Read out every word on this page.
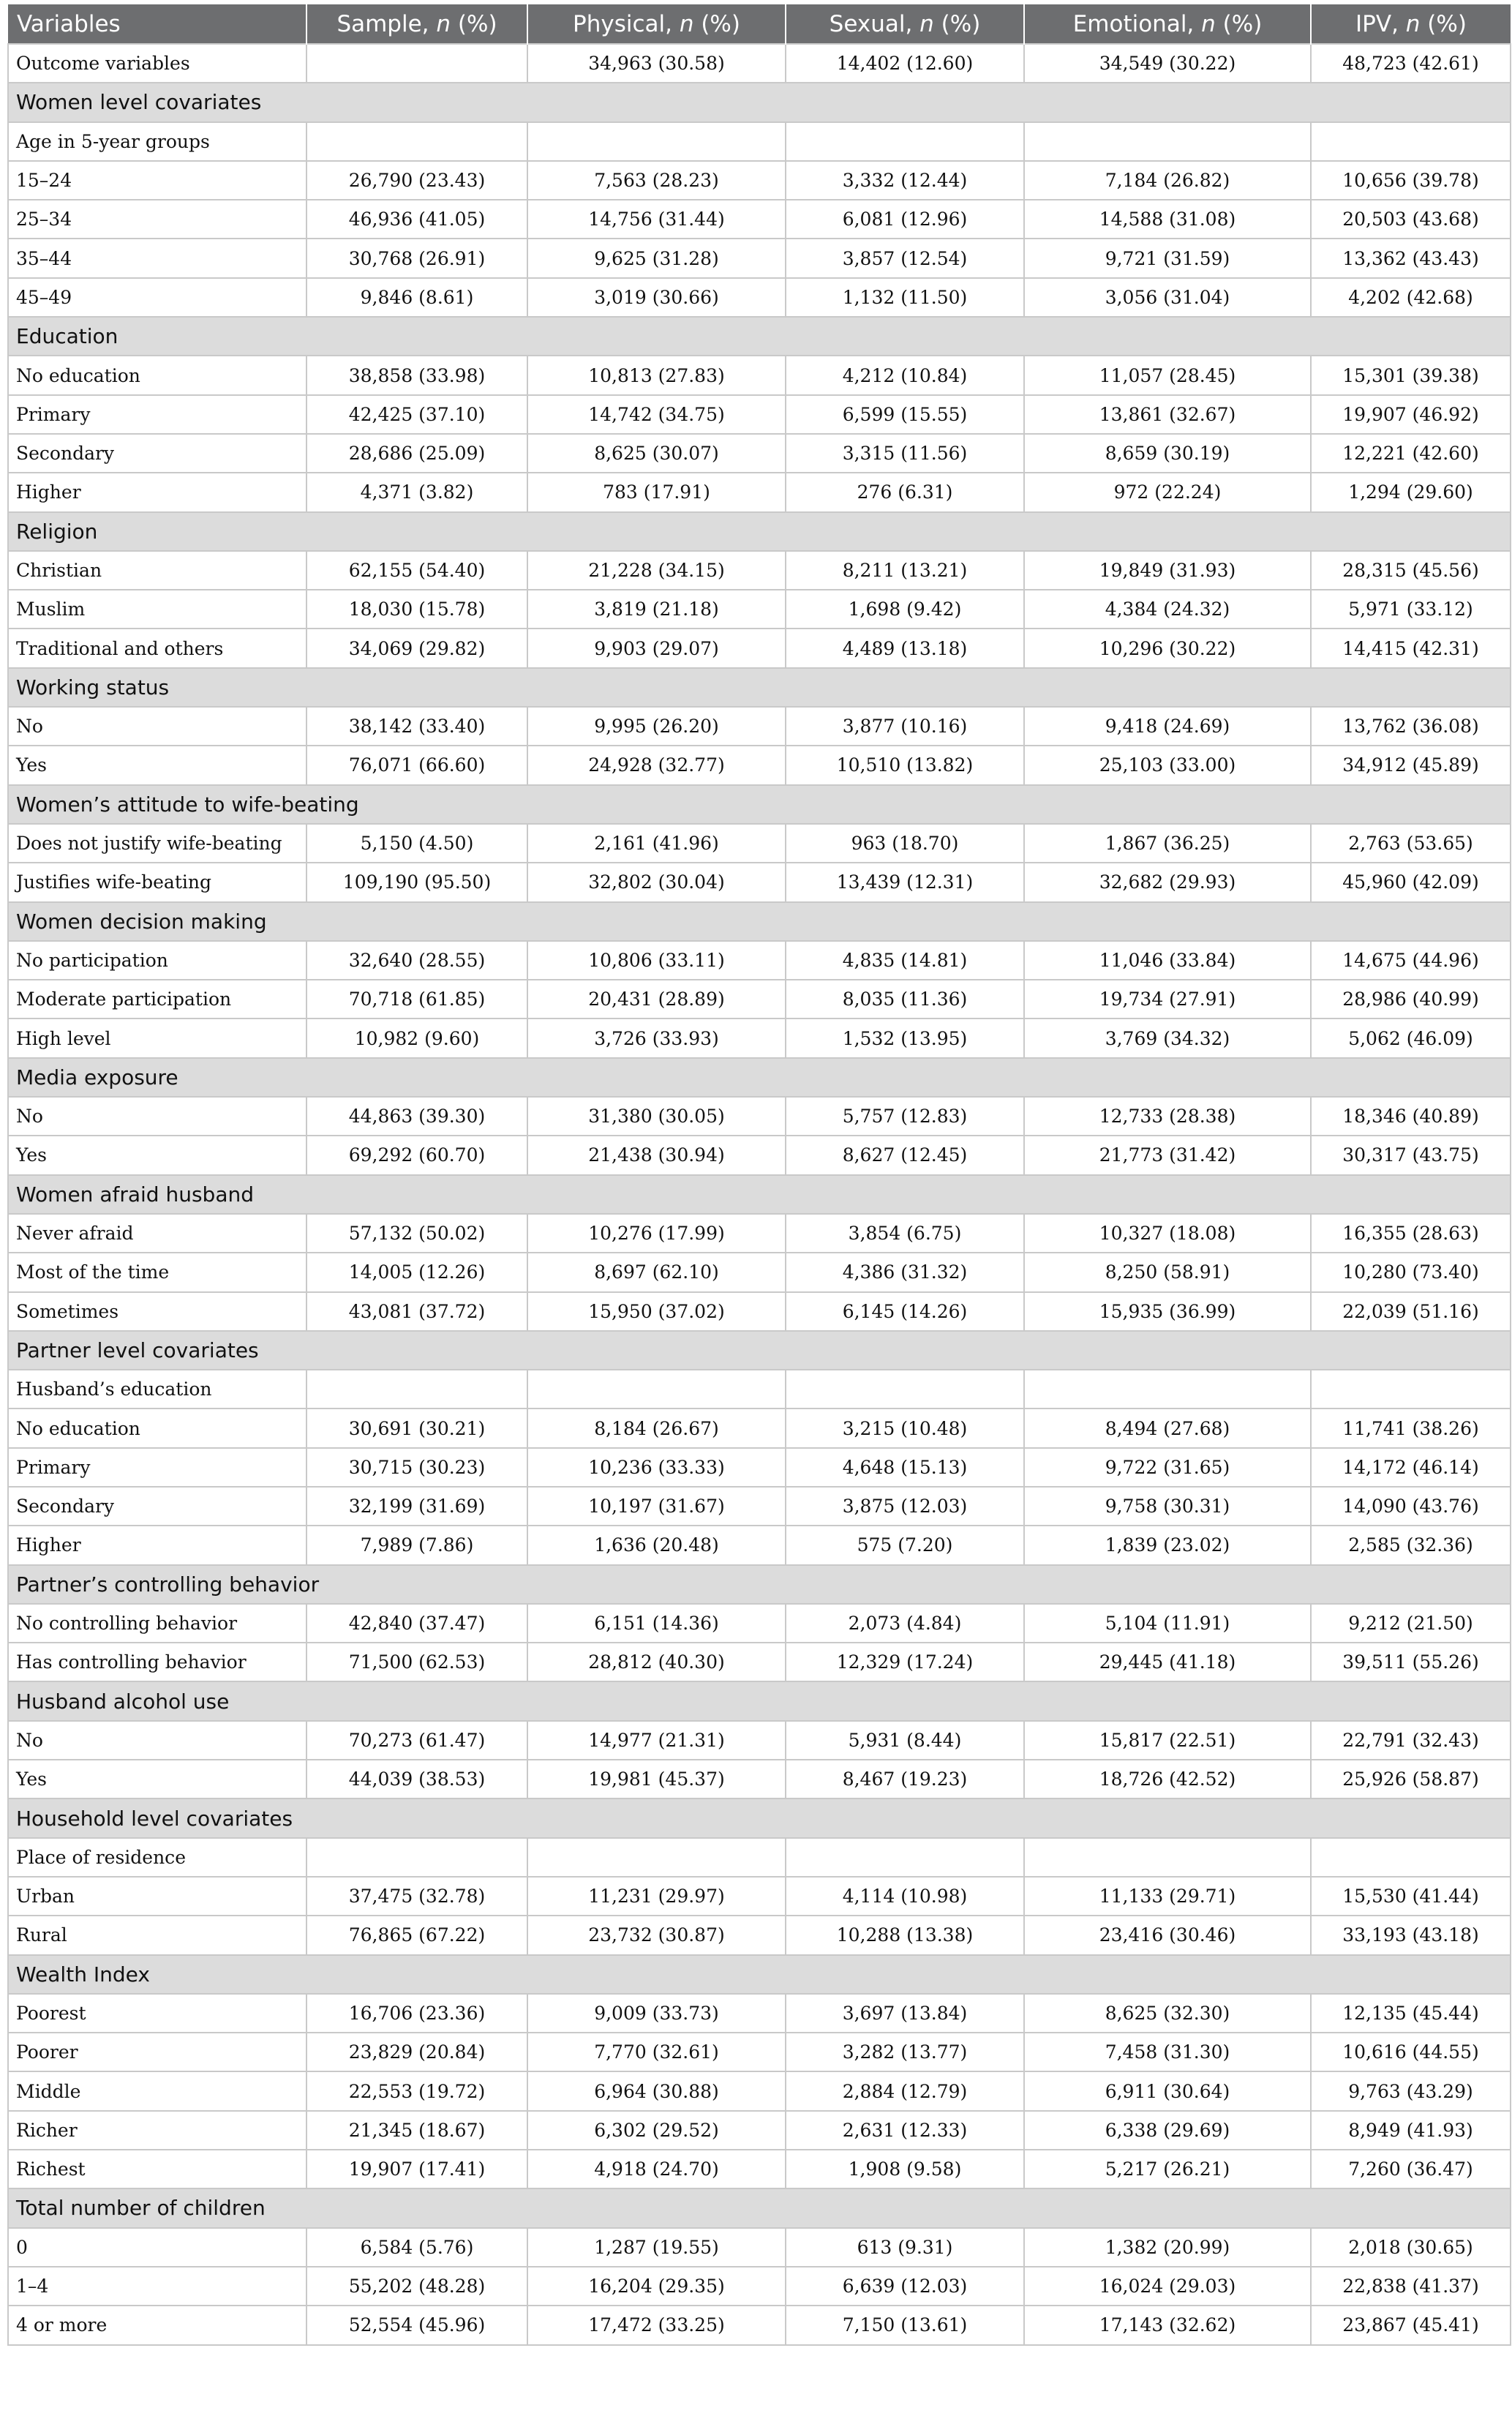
Variables	Sample, n (%)	Physical, n (%)	Sexual, n (%)	Emotional, n (%)	IPV, n (%)
Outcome variables		34,963 (30.58)	14,402 (12.60)	34,549 (30.22)	48,723 (42.61)
Women level covariates					
Age in 5-year groups					
15–24	26,790 (23.43)	7,563 (28.23)	3,332 (12.44)	7,184 (26.82)	10,656 (39.78)
25–34	46,936 (41.05)	14,756 (31.44)	6,081 (12.96)	14,588 (31.08)	20,503 (43.68)
35–44	30,768 (26.91)	9,625 (31.28)	3,857 (12.54)	9,721 (31.59)	13,362 (43.43)
45–49	9,846 (8.61)	3,019 (30.66)	1,132 (11.50)	3,056 (31.04)	4,202 (42.68)
Education					
No education	38,858 (33.98)	10,813 (27.83)	4,212 (10.84)	11,057 (28.45)	15,301 (39.38)
Primary	42,425 (37.10)	14,742 (34.75)	6,599 (15.55)	13,861 (32.67)	19,907 (46.92)
Secondary	28,686 (25.09)	8,625 (30.07)	3,315 (11.56)	8,659 (30.19)	12,221 (42.60)
Higher	4,371 (3.82)	783 (17.91)	276 (6.31)	972 (22.24)	1,294 (29.60)
Religion					
Christian	62,155 (54.40)	21,228 (34.15)	8,211 (13.21)	19,849 (31.93)	28,315 (45.56)
Muslim	18,030 (15.78)	3,819 (21.18)	1,698 (9.42)	4,384 (24.32)	5,971 (33.12)
Traditional and others	34,069 (29.82)	9,903 (29.07)	4,489 (13.18)	10,296 (30.22)	14,415 (42.31)
Working status					
No	38,142 (33.40)	9,995 (26.20)	3,877 (10.16)	9,418 (24.69)	13,762 (36.08)
Yes	76,071 (66.60)	24,928 (32.77)	10,510 (13.82)	25,103 (33.00)	34,912 (45.89)
Women’s attitude to wife-beating					
Does not justify wife-beating	5,150 (4.50)	2,161 (41.96)	963 (18.70)	1,867 (36.25)	2,763 (53.65)
Justifies wife-beating	109,190 (95.50)	32,802 (30.04)	13,439 (12.31)	32,682 (29.93)	45,960 (42.09)
Women decision making					
No participation	32,640 (28.55)	10,806 (33.11)	4,835 (14.81)	11,046 (33.84)	14,675 (44.96)
Moderate participation	70,718 (61.85)	20,431 (28.89)	8,035 (11.36)	19,734 (27.91)	28,986 (40.99)
High level	10,982 (9.60)	3,726 (33.93)	1,532 (13.95)	3,769 (34.32)	5,062 (46.09)
Media exposure					
No	44,863 (39.30)	31,380 (30.05)	5,757 (12.83)	12,733 (28.38)	18,346 (40.89)
Yes	69,292 (60.70)	21,438 (30.94)	8,627 (12.45)	21,773 (31.42)	30,317 (43.75)
Women afraid husband					
Never afraid	57,132 (50.02)	10,276 (17.99)	3,854 (6.75)	10,327 (18.08)	16,355 (28.63)
Most of the time	14,005 (12.26)	8,697 (62.10)	4,386 (31.32)	8,250 (58.91)	10,280 (73.40)
Sometimes	43,081 (37.72)	15,950 (37.02)	6,145 (14.26)	15,935 (36.99)	22,039 (51.16)
Partner level covariates					
Husband’s education					
No education	30,691 (30.21)	8,184 (26.67)	3,215 (10.48)	8,494 (27.68)	11,741 (38.26)
Primary	30,715 (30.23)	10,236 (33.33)	4,648 (15.13)	9,722 (31.65)	14,172 (46.14)
Secondary	32,199 (31.69)	10,197 (31.67)	3,875 (12.03)	9,758 (30.31)	14,090 (43.76)
Higher	7,989 (7.86)	1,636 (20.48)	575 (7.20)	1,839 (23.02)	2,585 (32.36)
Partner’s controlling behavior					
No controlling behavior	42,840 (37.47)	6,151 (14.36)	2,073 (4.84)	5,104 (11.91)	9,212 (21.50)
Has controlling behavior	71,500 (62.53)	28,812 (40.30)	12,329 (17.24)	29,445 (41.18)	39,511 (55.26)
Husband alcohol use					
No	70,273 (61.47)	14,977 (21.31)	5,931 (8.44)	15,817 (22.51)	22,791 (32.43)
Yes	44,039 (38.53)	19,981 (45.37)	8,467 (19.23)	18,726 (42.52)	25,926 (58.87)
Household level covariates					
Place of residence					
Urban	37,475 (32.78)	11,231 (29.97)	4,114 (10.98)	11,133 (29.71)	15,530 (41.44)
Rural	76,865 (67.22)	23,732 (30.87)	10,288 (13.38)	23,416 (30.46)	33,193 (43.18)
Wealth Index					
Poorest	16,706 (23.36)	9,009 (33.73)	3,697 (13.84)	8,625 (32.30)	12,135 (45.44)
Poorer	23,829 (20.84)	7,770 (32.61)	3,282 (13.77)	7,458 (31.30)	10,616 (44.55)
Middle	22,553 (19.72)	6,964 (30.88)	2,884 (12.79)	6,911 (30.64)	9,763 (43.29)
Richer	21,345 (18.67)	6,302 (29.52)	2,631 (12.33)	6,338 (29.69)	8,949 (41.93)
Richest	19,907 (17.41)	4,918 (24.70)	1,908 (9.58)	5,217 (26.21)	7,260 (36.47)
Total number of children					
0	6,584 (5.76)	1,287 (19.55)	613 (9.31)	1,382 (20.99)	2,018 (30.65)
1–4	55,202 (48.28)	16,204 (29.35)	6,639 (12.03)	16,024 (29.03)	22,838 (41.37)
4 or more	52,554 (45.96)	17,472 (33.25)	7,150 (13.61)	17,143 (32.62)	23,867 (45.41)
